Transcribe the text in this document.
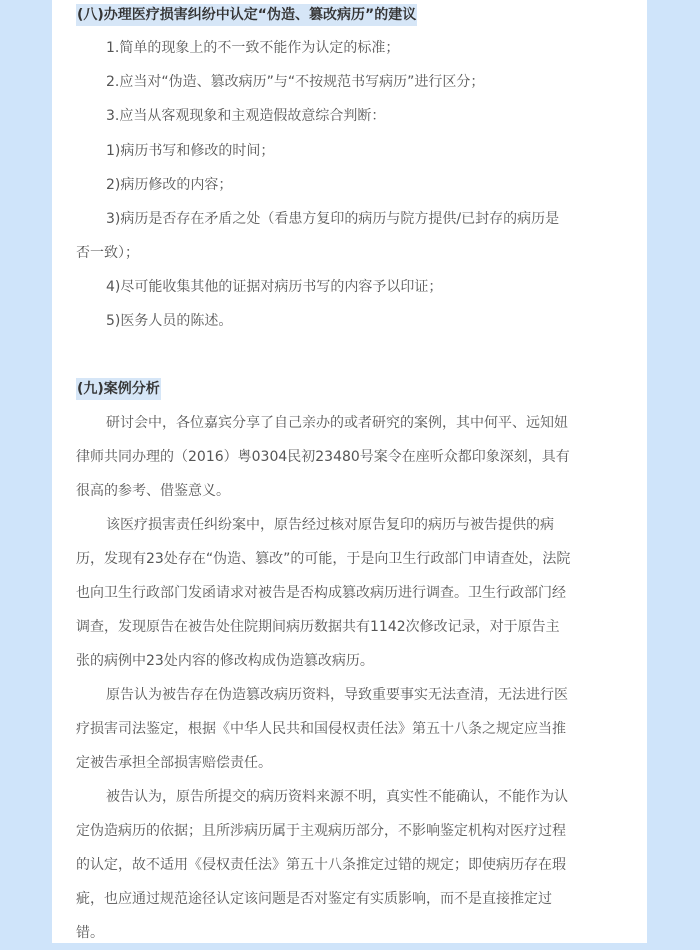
(八)办理医疗损害纠纷中认定“伪造、篡改病历”的建议
1.简单的现象上的不一致不能作为认定的标准；
2.应当对“伪造、篡改病历”与“不按规范书写病历”进行区分；
3.应当从客观现象和主观造假故意综合判断：
1)病历书写和修改的时间；
2)病历修改的内容；
3)病历是否存在矛盾之处（看患方复印的病历与院方提供/已封存的病历是
否一致）；
4)尽可能收集其他的证据对病历书写的内容予以印证；
5)医务人员的陈述。
(九)案例分析
研讨会中，各位嘉宾分享了自己亲办的或者研究的案例，其中何平、远知妞
律师共同办理的（2016）粤0304民初23480号案令在座听众都印象深刻，具有
很高的参考、借鉴意义。
该医疗损害责任纠纷案中，原告经过核对原告复印的病历与被告提供的病
历，发现有23处存在“伪造、篡改”的可能，于是向卫生行政部门申请查处，法院
也向卫生行政部门发函请求对被告是否构成篡改病历进行调查。卫生行政部门经
调查，发现原告在被告处住院期间病历数据共有1142次修改记录，对于原告主
张的病例中23处内容的修改构成伪造篡改病历。
原告认为被告存在伪造篡改病历资料，导致重要事实无法查清，无法进行医
疗损害司法鉴定，根据《中华人民共和国侵权责任法》第五十八条之规定应当推
定被告承担全部损害赔偿责任。
被告认为，原告所提交的病历资料来源不明，真实性不能确认，不能作为认
定伪造病历的依据；且所涉病历属于主观病历部分，不影响鉴定机构对医疗过程
的认定，故不适用《侵权责任法》第五十八条推定过错的规定；即使病历存在瑕
疵，也应通过规范途径认定该问题是否对鉴定有实质影响，而不是直接推定过
错。
